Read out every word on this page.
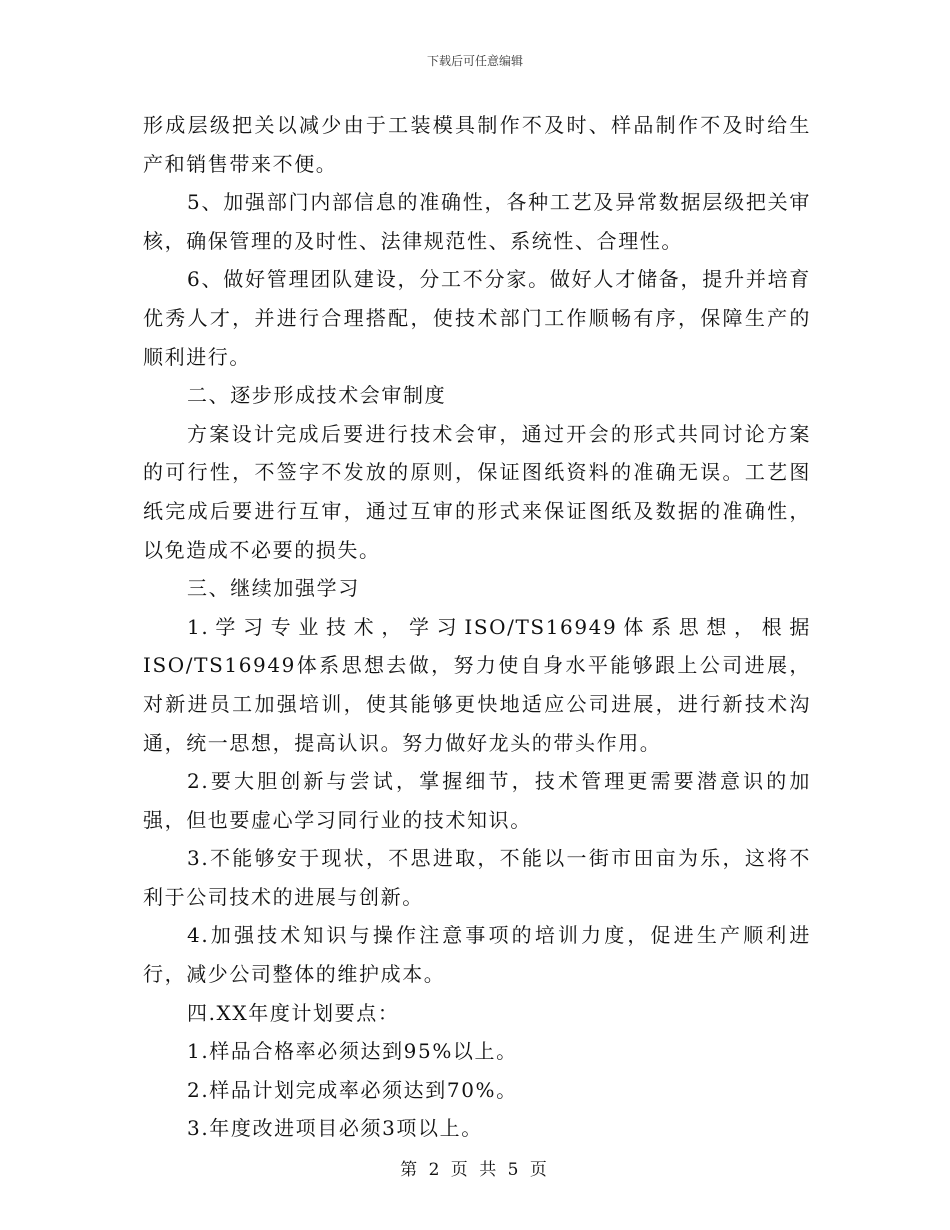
下载后可任意编辑

形成层级把关以减少由于工装模具制作不及时、样品制作不及时给生产和销售带来不便。

5、加强部门内部信息的准确性，各种工艺及异常数据层级把关审核，确保管理的及时性、法律规范性、系统性、合理性。

6、做好管理团队建设，分工不分家。做好人才储备，提升并培育优秀人才，并进行合理搭配，使技术部门工作顺畅有序，保障生产的顺利进行。

二、逐步形成技术会审制度

方案设计完成后要进行技术会审，通过开会的形式共同讨论方案的可行性，不签字不发放的原则，保证图纸资料的准确无误。工艺图纸完成后要进行互审，通过互审的形式来保证图纸及数据的准确性，以免造成不必要的损失。

三、继续加强学习

1.学习专业技术，学习ISO/TS16949体系思想，根据ISO/TS16949体系思想去做，努力使自身水平能够跟上公司进展，对新进员工加强培训，使其能够更快地适应公司进展，进行新技术沟通，统一思想，提高认识。努力做好龙头的带头作用。

2.要大胆创新与尝试，掌握细节，技术管理更需要潜意识的加强，但也要虚心学习同行业的技术知识。

3.不能够安于现状，不思进取，不能以一街市田亩为乐，这将不利于公司技术的进展与创新。

4.加强技术知识与操作注意事项的培训力度，促进生产顺利进行，减少公司整体的维护成本。

四.XX年度计划要点：

1.样品合格率必须达到95%以上。

2.样品计划完成率必须达到70%。

3.年度改进项目必须3项以上。

第 2 页 共 5 页
